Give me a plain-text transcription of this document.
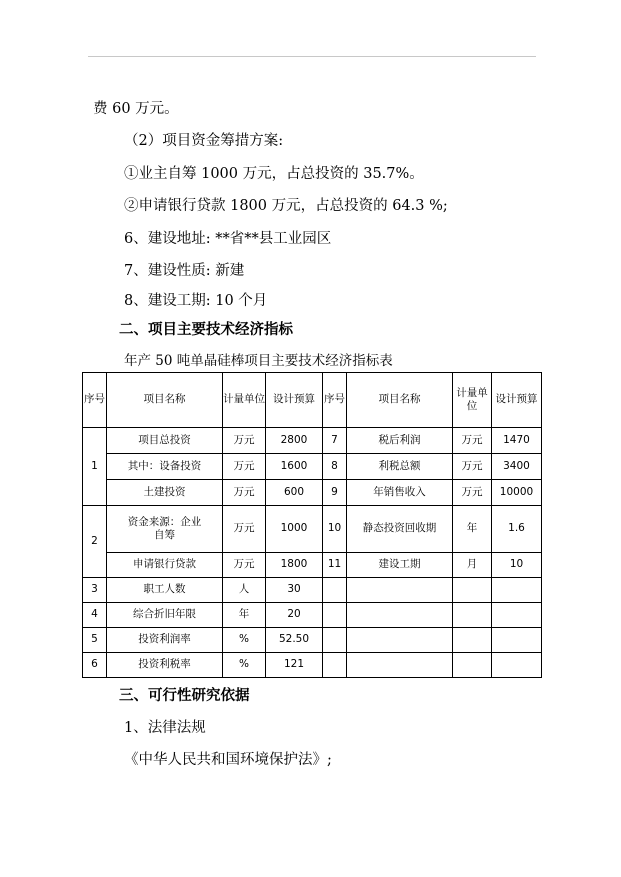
费 60 万元。
（2）项目资金筹措方案:
①业主自筹 1000 万元，占总投资的 35.7%。
②申请银行贷款 1800 万元，占总投资的 64.3 %;
6、建设地址: **省**县工业园区
7、建设性质: 新建
8、建设工期: 10 个月
二、项目主要技术经济指标
年产 50 吨单晶硅棒项目主要技术经济指标表
序号	项目名称	计量单位	设计预算	序号	项目名称	计量单位	设计预算
1	项目总投资	万元	2800	7	税后利润	万元	1470
	其中：设备投资	万元	1600	8	利税总额	万元	3400
	土建投资	万元	600	9	年销售收入	万元	10000
2	资金来源：企业自筹	万元	1000	10	静态投资回收期	年	1.6
	申请银行贷款	万元	1800	11	建设工期	月	10
3	职工人数	人	30				
4	综合折旧年限	年	20				
5	投资利润率	%	52.50				
6	投资利税率	%	121				
三、可行性研究依据
1、法律法规
《中华人民共和国环境保护法》;
